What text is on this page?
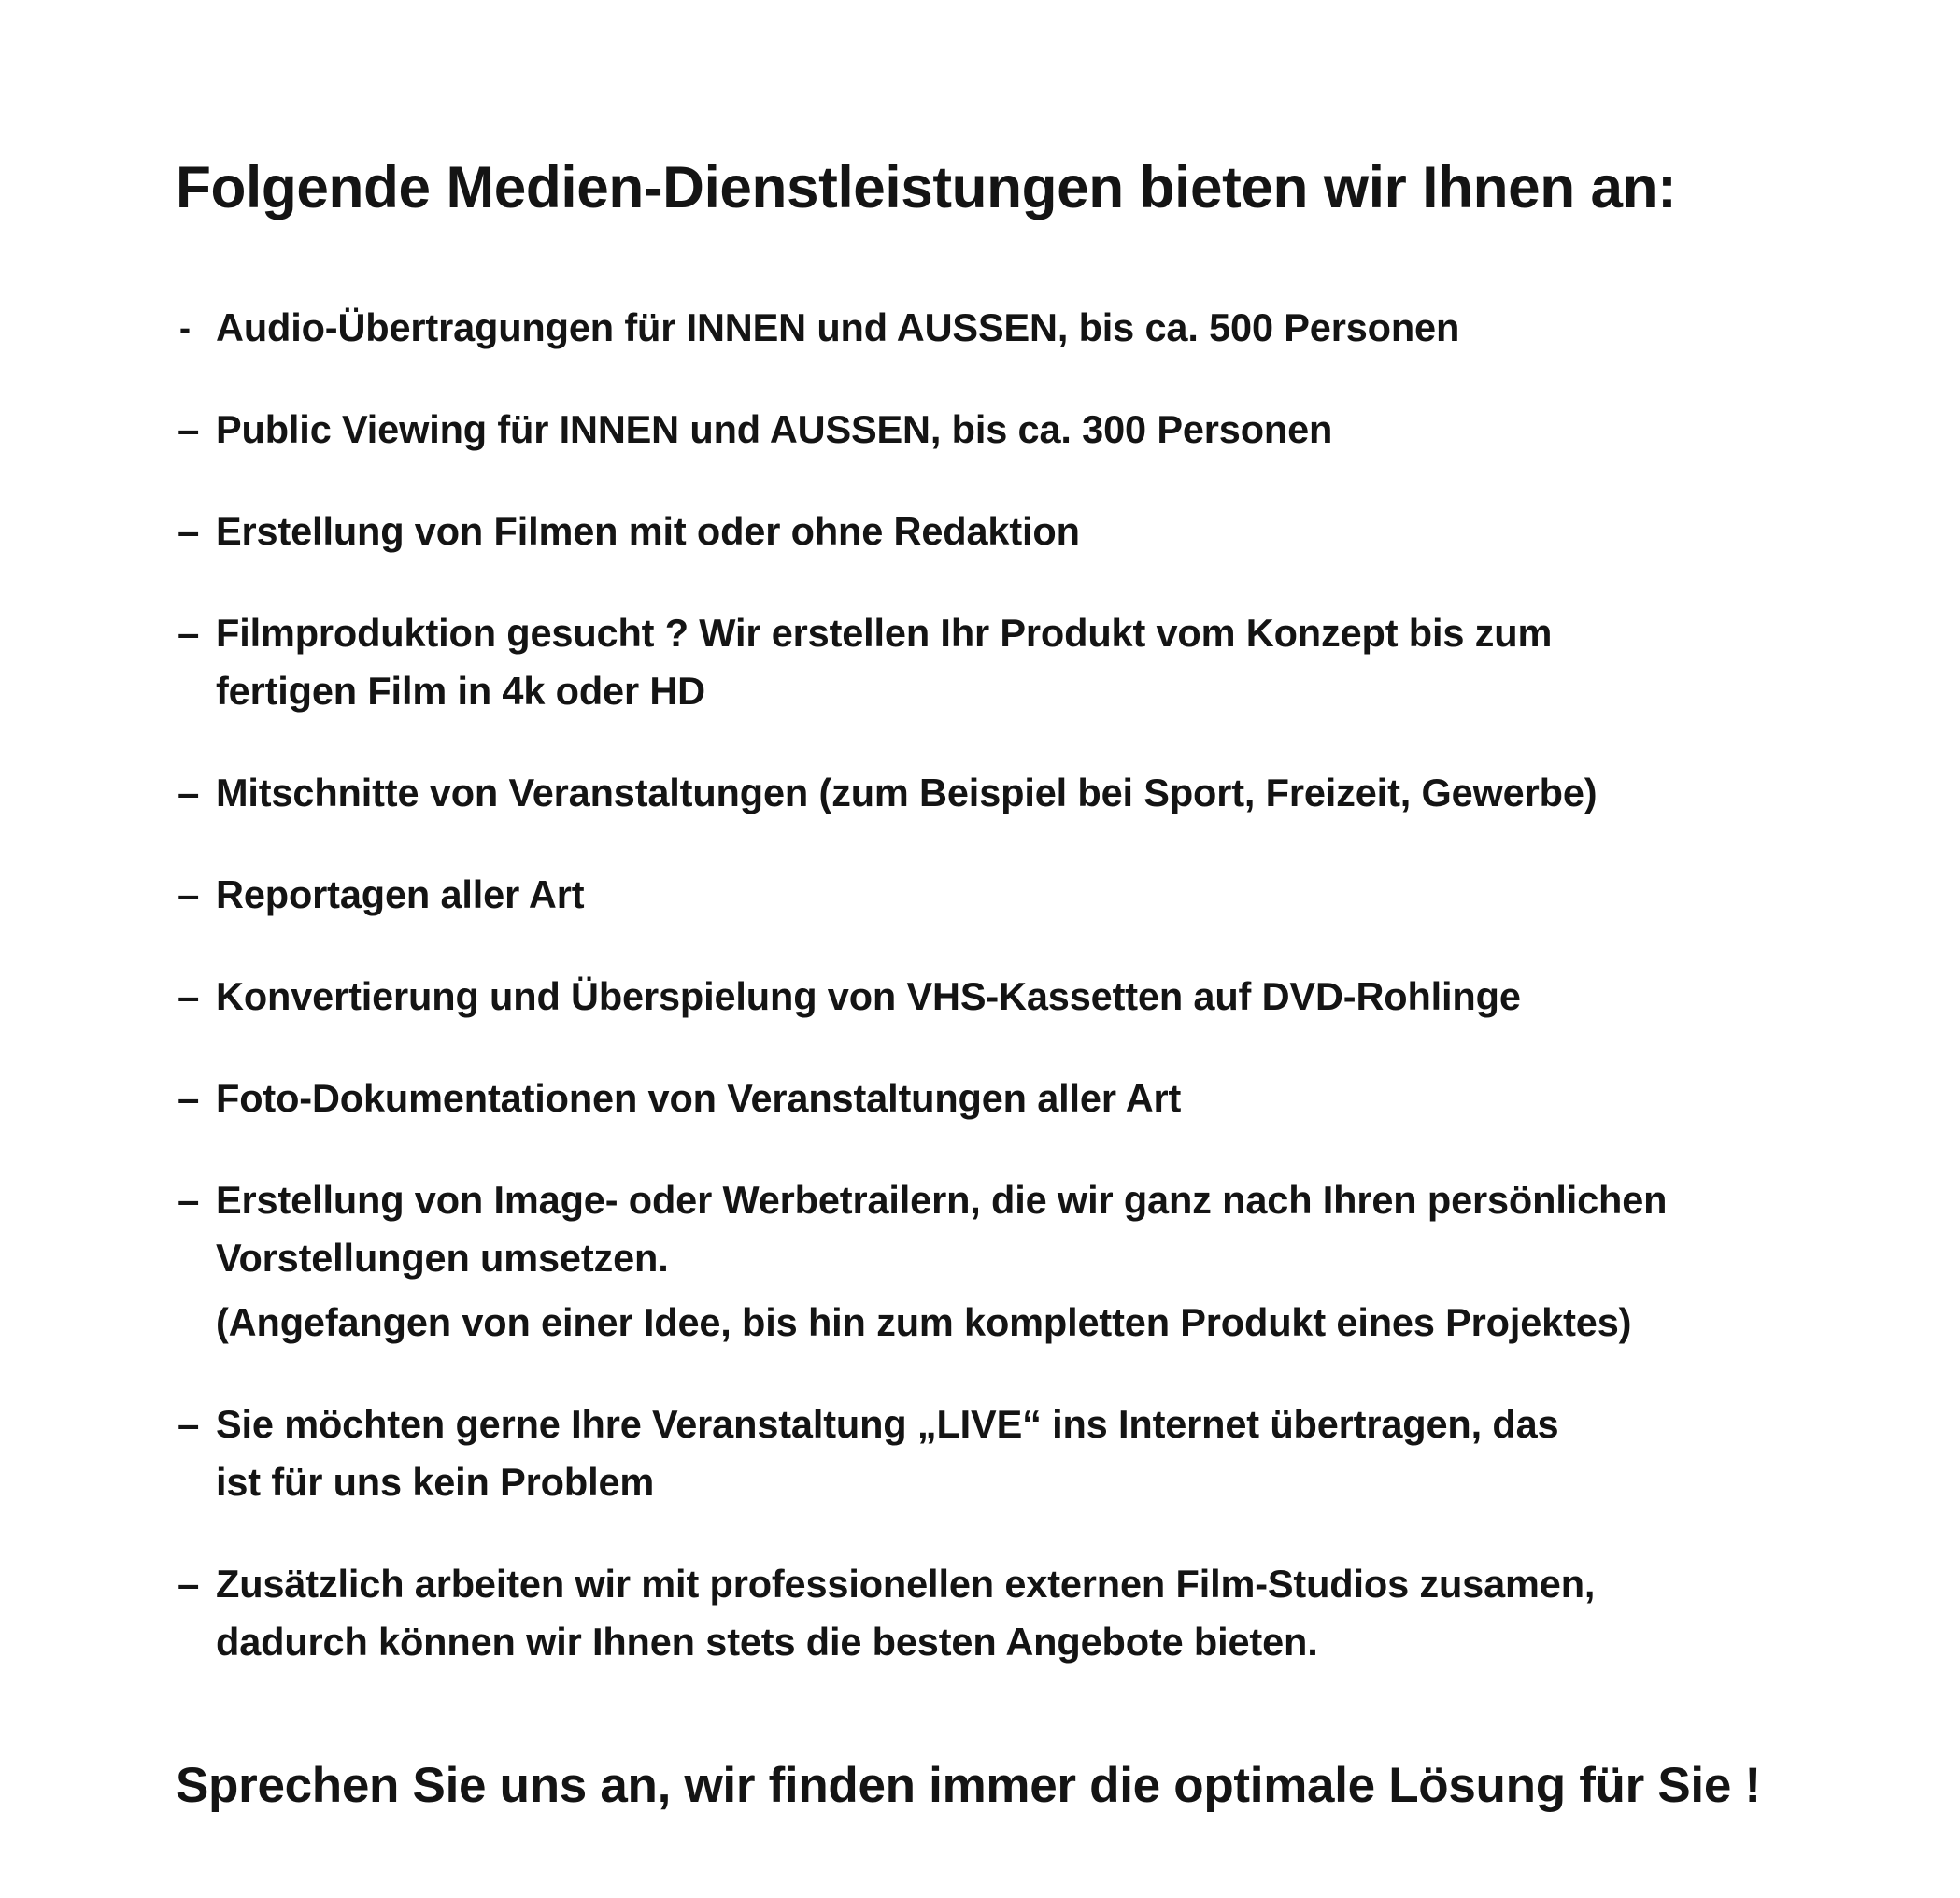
Folgende Medien-Dienstleistungen bieten wir Ihnen an:
- Audio-Übertragungen für INNEN und AUSSEN, bis ca. 500 Personen
– Public Viewing für INNEN und AUSSEN, bis ca. 300 Personen
– Erstellung von Filmen mit oder ohne Redaktion
– Filmproduktion gesucht ? Wir erstellen Ihr Produkt vom Konzept bis zum
fertigen Film in 4k oder HD
– Mitschnitte von Veranstaltungen (zum Beispiel bei Sport, Freizeit, Gewerbe)
– Reportagen aller Art
– Konvertierung und Überspielung von VHS-Kassetten auf DVD-Rohlinge
– Foto-Dokumentationen von Veranstaltungen aller Art
– Erstellung von Image- oder Werbetrailern, die wir ganz nach Ihren persönlichen
Vorstellungen umsetzen.
(Angefangen von einer Idee, bis hin zum kompletten Produkt eines Projektes)
– Sie möchten gerne Ihre Veranstaltung „LIVE“ ins Internet übertragen, das
ist für uns kein Problem
– Zusätzlich arbeiten wir mit professionellen externen Film-Studios zusamen,
dadurch können wir Ihnen stets die besten Angebote bieten.

Sprechen Sie uns an, wir finden immer die optimale Lösung für Sie !
